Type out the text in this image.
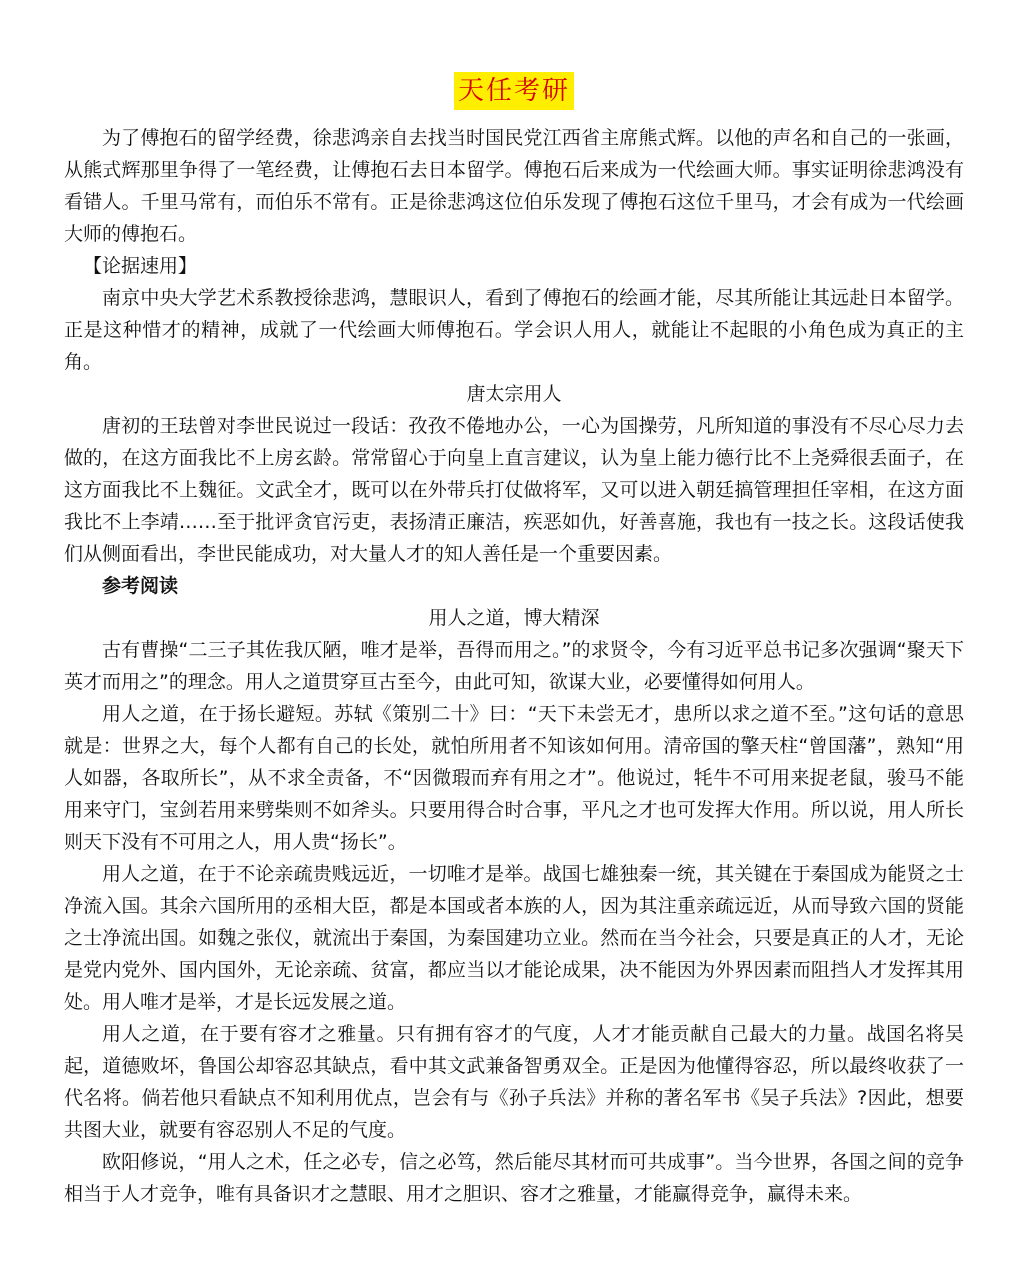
天任考研

为了傅抱石的留学经费，徐悲鸿亲自去找当时国民党江西省主席熊式辉。以他的声名和自己的一张画，从熊式辉那里争得了一笔经费，让傅抱石去日本留学。傅抱石后来成为一代绘画大师。事实证明徐悲鸿没有看错人。千里马常有，而伯乐不常有。正是徐悲鸿这位伯乐发现了傅抱石这位千里马，才会有成为一代绘画大师的傅抱石。

【论据速用】

南京中央大学艺术系教授徐悲鸿，慧眼识人，看到了傅抱石的绘画才能，尽其所能让其远赴日本留学。正是这种惜才的精神，成就了一代绘画大师傅抱石。学会识人用人，就能让不起眼的小角色成为真正的主角。

唐太宗用人

唐初的王珐曾对李世民说过一段话：孜孜不倦地办公，一心为国操劳，凡所知道的事没有不尽心尽力去做的，在这方面我比不上房玄龄。常常留心于向皇上直言建议，认为皇上能力德行比不上尧舜很丢面子，在这方面我比不上魏征。文武全才，既可以在外带兵打仗做将军，又可以进入朝廷搞管理担任宰相，在这方面我比不上李靖……至于批评贪官污吏，表扬清正廉洁，疾恶如仇，好善喜施，我也有一技之长。这段话使我们从侧面看出，李世民能成功，对大量人才的知人善任是一个重要因素。

参考阅读

用人之道，博大精深

古有曹操“二三子其佐我仄陋，唯才是举，吾得而用之。”的求贤令，今有习近平总书记多次强调“聚天下英才而用之”的理念。用人之道贯穿亘古至今，由此可知，欲谋大业，必要懂得如何用人。

用人之道，在于扬长避短。苏轼《策别二十》曰：“天下未尝无才，患所以求之道不至。”这句话的意思就是：世界之大，每个人都有自己的长处，就怕所用者不知该如何用。清帝国的擎天柱“曾国藩”，熟知“用人如器，各取所长”，从不求全责备，不“因微瑕而弃有用之才”。他说过，牦牛不可用来捉老鼠，骏马不能用来守门，宝剑若用来劈柴则不如斧头。只要用得合时合事，平凡之才也可发挥大作用。所以说，用人所长则天下没有不可用之人，用人贵“扬长”。

用人之道，在于不论亲疏贵贱远近，一切唯才是举。战国七雄独秦一统，其关键在于秦国成为能贤之士净流入国。其余六国所用的丞相大臣，都是本国或者本族的人，因为其注重亲疏远近，从而导致六国的贤能之士净流出国。如魏之张仪，就流出于秦国，为秦国建功立业。然而在当今社会，只要是真正的人才，无论是党内党外、国内国外，无论亲疏、贫富，都应当以才能论成果，决不能因为外界因素而阻挡人才发挥其用处。用人唯才是举，才是长远发展之道。

用人之道，在于要有容才之雅量。只有拥有容才的气度，人才才能贡献自己最大的力量。战国名将吴起，道德败坏，鲁国公却容忍其缺点，看中其文武兼备智勇双全。正是因为他懂得容忍，所以最终收获了一代名将。倘若他只看缺点不知利用优点，岂会有与《孙子兵法》并称的著名军书《吴子兵法》?因此，想要共图大业，就要有容忍别人不足的气度。

欧阳修说，“用人之术，任之必专，信之必笃，然后能尽其材而可共成事”。当今世界，各国之间的竞争相当于人才竞争，唯有具备识才之慧眼、用才之胆识、容才之雅量，才能赢得竞争，赢得未来。
